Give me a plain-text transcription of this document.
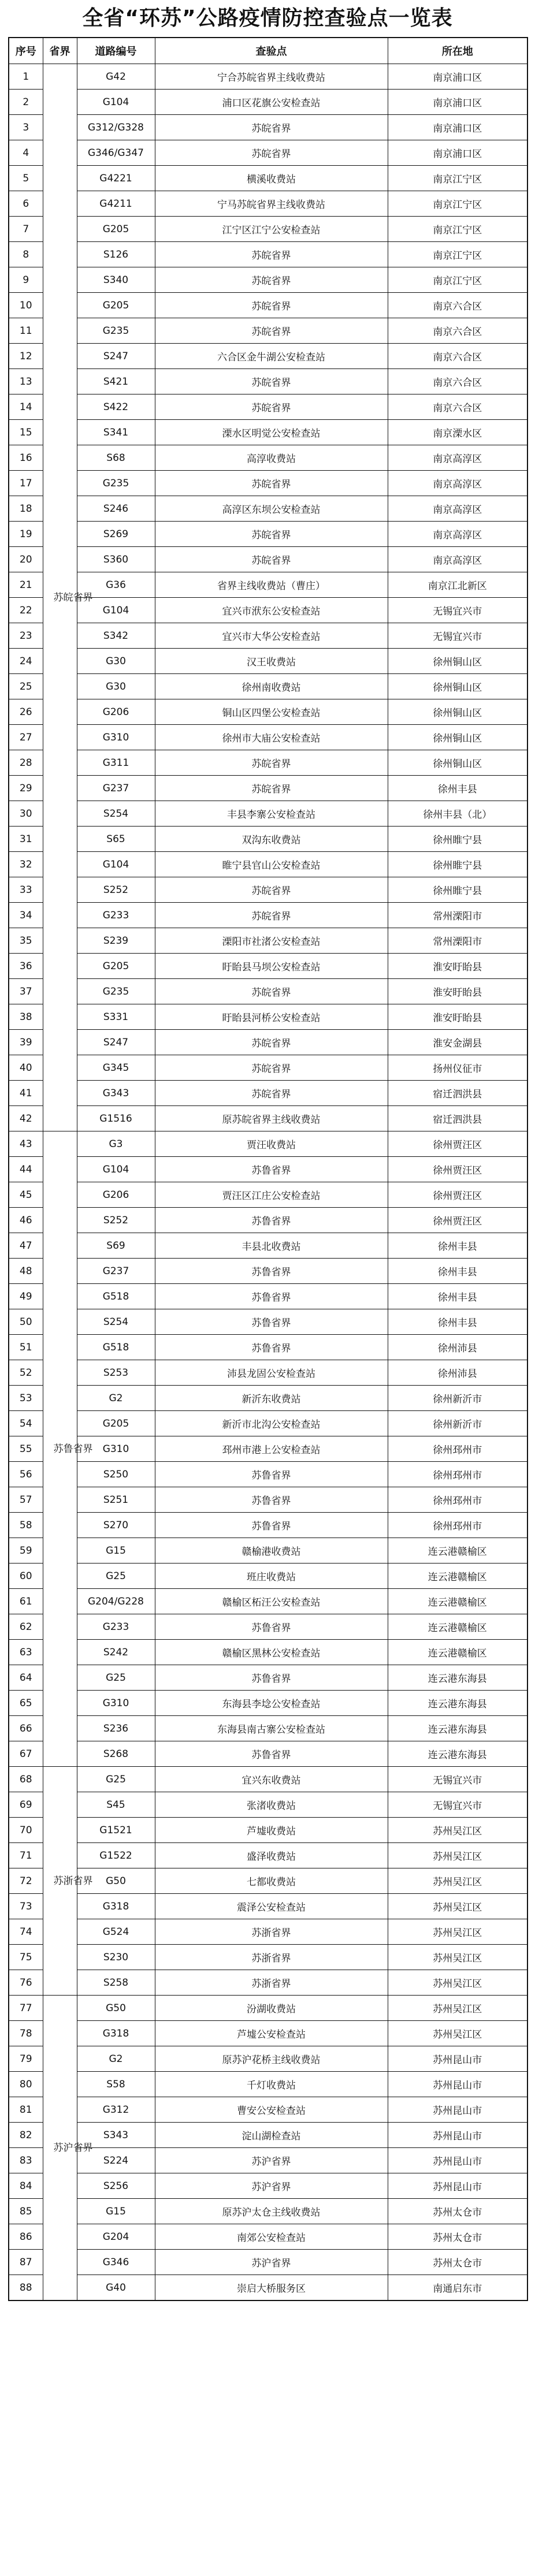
全省“环苏”公路疫情防控查验点一览表
序号	省界	道路编号	查验点	所在地
1	苏皖省界	G42	宁合苏皖省界主线收费站	南京浦口区
2		G104	浦口区花旗公安检查站	南京浦口区
3		G312/G328	苏皖省界	南京浦口区
4		G346/G347	苏皖省界	南京浦口区
5		G4221	横溪收费站	南京江宁区
6		G4211	宁马苏皖省界主线收费站	南京江宁区
7		G205	江宁区江宁公安检查站	南京江宁区
8		S126	苏皖省界	南京江宁区
9		S340	苏皖省界	南京江宁区
10		G205	苏皖省界	南京六合区
11		G235	苏皖省界	南京六合区
12		S247	六合区金牛湖公安检查站	南京六合区
13		S421	苏皖省界	南京六合区
14		S422	苏皖省界	南京六合区
15		S341	溧水区明觉公安检查站	南京溧水区
16		S68	高淳收费站	南京高淳区
17		G235	苏皖省界	南京高淳区
18		S246	高淳区东坝公安检查站	南京高淳区
19		S269	苏皖省界	南京高淳区
20		S360	苏皖省界	南京高淳区
21		G36	省界主线收费站（曹庄）	南京江北新区
22		G104	宜兴市洑东公安检查站	无锡宜兴市
23		S342	宜兴市大华公安检查站	无锡宜兴市
24		G30	汉王收费站	徐州铜山区
25		G30	徐州南收费站	徐州铜山区
26		G206	铜山区四堡公安检查站	徐州铜山区
27		G310	徐州市大庙公安检查站	徐州铜山区
28		G311	苏皖省界	徐州铜山区
29		G237	苏皖省界	徐州丰县
30		S254	丰县李寨公安检查站	徐州丰县（北）
31		S65	双沟东收费站	徐州睢宁县
32		G104	睢宁县官山公安检查站	徐州睢宁县
33		S252	苏皖省界	徐州睢宁县
34		G233	苏皖省界	常州溧阳市
35		S239	溧阳市社渚公安检查站	常州溧阳市
36		G205	盱眙县马坝公安检查站	淮安盱眙县
37		G235	苏皖省界	淮安盱眙县
38		S331	盱眙县河桥公安检查站	淮安盱眙县
39		S247	苏皖省界	淮安金湖县
40		G345	苏皖省界	扬州仪征市
41		G343	苏皖省界	宿迁泗洪县
42		G1516	原苏皖省界主线收费站	宿迁泗洪县
43	苏鲁省界	G3	贾汪收费站	徐州贾汪区
44		G104	苏鲁省界	徐州贾汪区
45		G206	贾汪区江庄公安检查站	徐州贾汪区
46		S252	苏鲁省界	徐州贾汪区
47		S69	丰县北收费站	徐州丰县
48		G237	苏鲁省界	徐州丰县
49		G518	苏鲁省界	徐州丰县
50		S254	苏鲁省界	徐州丰县
51		G518	苏鲁省界	徐州沛县
52		S253	沛县龙固公安检查站	徐州沛县
53		G2	新沂东收费站	徐州新沂市
54		G205	新沂市北沟公安检查站	徐州新沂市
55		G310	邳州市港上公安检查站	徐州邳州市
56		S250	苏鲁省界	徐州邳州市
57		S251	苏鲁省界	徐州邳州市
58		S270	苏鲁省界	徐州邳州市
59		G15	赣榆港收费站	连云港赣榆区
60		G25	班庄收费站	连云港赣榆区
61		G204/G228	赣榆区柘汪公安检查站	连云港赣榆区
62		G233	苏鲁省界	连云港赣榆区
63		S242	赣榆区黑林公安检查站	连云港赣榆区
64		G25	苏鲁省界	连云港东海县
65		G310	东海县李埝公安检查站	连云港东海县
66		S236	东海县南古寨公安检查站	连云港东海县
67		S268	苏鲁省界	连云港东海县
68	苏浙省界	G25	宜兴东收费站	无锡宜兴市
69		S45	张渚收费站	无锡宜兴市
70		G1521	芦墟收费站	苏州吴江区
71		G1522	盛泽收费站	苏州吴江区
72		G50	七都收费站	苏州吴江区
73		G318	震泽公安检查站	苏州吴江区
74		G524	苏浙省界	苏州吴江区
75		S230	苏浙省界	苏州吴江区
76		S258	苏浙省界	苏州吴江区
77	苏沪省界	G50	汾湖收费站	苏州吴江区
78		G318	芦墟公安检查站	苏州吴江区
79		G2	原苏沪花桥主线收费站	苏州昆山市
80		S58	千灯收费站	苏州昆山市
81		G312	曹安公安检查站	苏州昆山市
82		S343	淀山湖检查站	苏州昆山市
83		S224	苏沪省界	苏州昆山市
84		S256	苏沪省界	苏州昆山市
85		G15	原苏沪太仓主线收费站	苏州太仓市
86		G204	南郊公安检查站	苏州太仓市
87		G346	苏沪省界	苏州太仓市
88		G40	崇启大桥服务区	南通启东市
